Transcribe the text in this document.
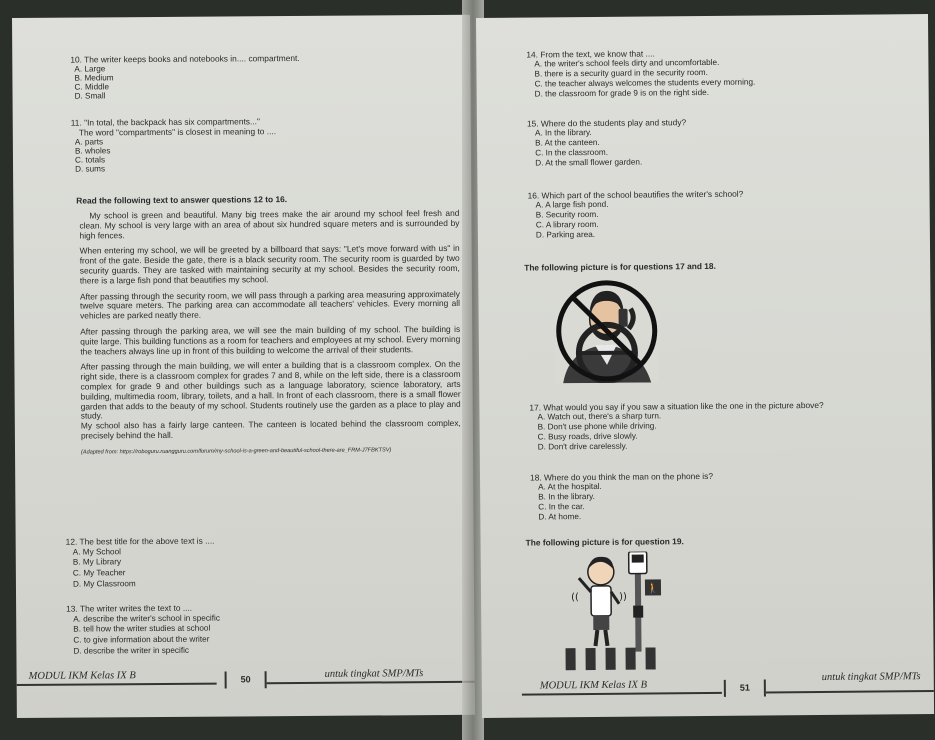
10. The writer keeps books and notebooks in.... compartment.
A. Large
B. Medium
C. Middle
D. Small
11. "In total, the backpack has six compartments..."
The word "compartments" is closest in meaning to ....
A. parts
B. wholes
C. totals
D. sums
Read the following text to answer questions 12 to 16.

My school is green and beautiful. Many big trees make the air around my school feel fresh and clean. My school is very large with an area of about six hundred square meters and is surrounded by high fences.

When entering my school, we will be greeted by a billboard that says: "Let's move forward with us" in front of the gate. Beside the gate, there is a black security room. The security room is guarded by two security guards. They are tasked with maintaining security at my school. Besides the security room, there is a large fish pond that beautifies my school.

After passing through the security room, we will pass through a parking area measuring approximately twelve square meters. The parking area can accommodate all teachers' vehicles. Every morning all vehicles are parked neatly there.

After passing through the parking area, we will see the main building of my school. The building is quite large. This building functions as a room for teachers and employees at my school. Every morning the teachers always line up in front of this building to welcome the arrival of their students.

After passing through the main building, we will enter a building that is a classroom complex. On the right side, there is a classroom complex for grades 7 and 8, while on the left side, there is a classroom complex for grade 9 and other buildings such as a language laboratory, science laboratory, arts building, multimedia room, library, toilets, and a hall. In front of each classroom, there is a small flower garden that adds to the beauty of my school. Students routinely use the garden as a place to play and study.

My school also has a fairly large canteen. The canteen is located behind the classroom complex, precisely behind the hall.

(Adapted from: https://roboguru.ruangguru.com/forum/my-school-is-a-green-and-beautiful-school-there-are_FRM-J7FBKTSV)
12. The best title for the above text is ....
A. My School
B. My Library
C. My Teacher
D. My Classroom
13. The writer writes the text to ....
A. describe the writer's school in specific
B. tell how the writer studies at school
C. to give information about the writer
D. describe the writer in specific
MODUL IKM Kelas IX B	50	untuk tingkat SMP/MTs
14. From the text, we know that ....
A. the writer's school feels dirty and uncomfortable.
B. there is a security guard in the security room.
C. the teacher always welcomes the students every morning.
D. the classroom for grade 9 is on the right side.
15. Where do the students play and study?
A. In the library.
B. At the canteen.
C. In the classroom.
D. At the small flower garden.
16. Which part of the school beautifies the writer's school?
A. A large fish pond.
B. Security room.
C. A library room.
D. Parking area.
The following picture is for questions 17 and 18.
17. What would you say if you saw a situation like the one in the picture above?
A. Watch out, there's a sharp turn.
B. Don't use phone while driving.
C. Busy roads, drive slowly.
D. Don't drive carelessly.
18. Where do you think the man on the phone is?
A. At the hospital.
B. In the library.
C. In the car.
D. At home.
The following picture is for question 19.
🚶
((	))
MODUL IKM Kelas IX B	51
untuk tingkat SMP/MTs
